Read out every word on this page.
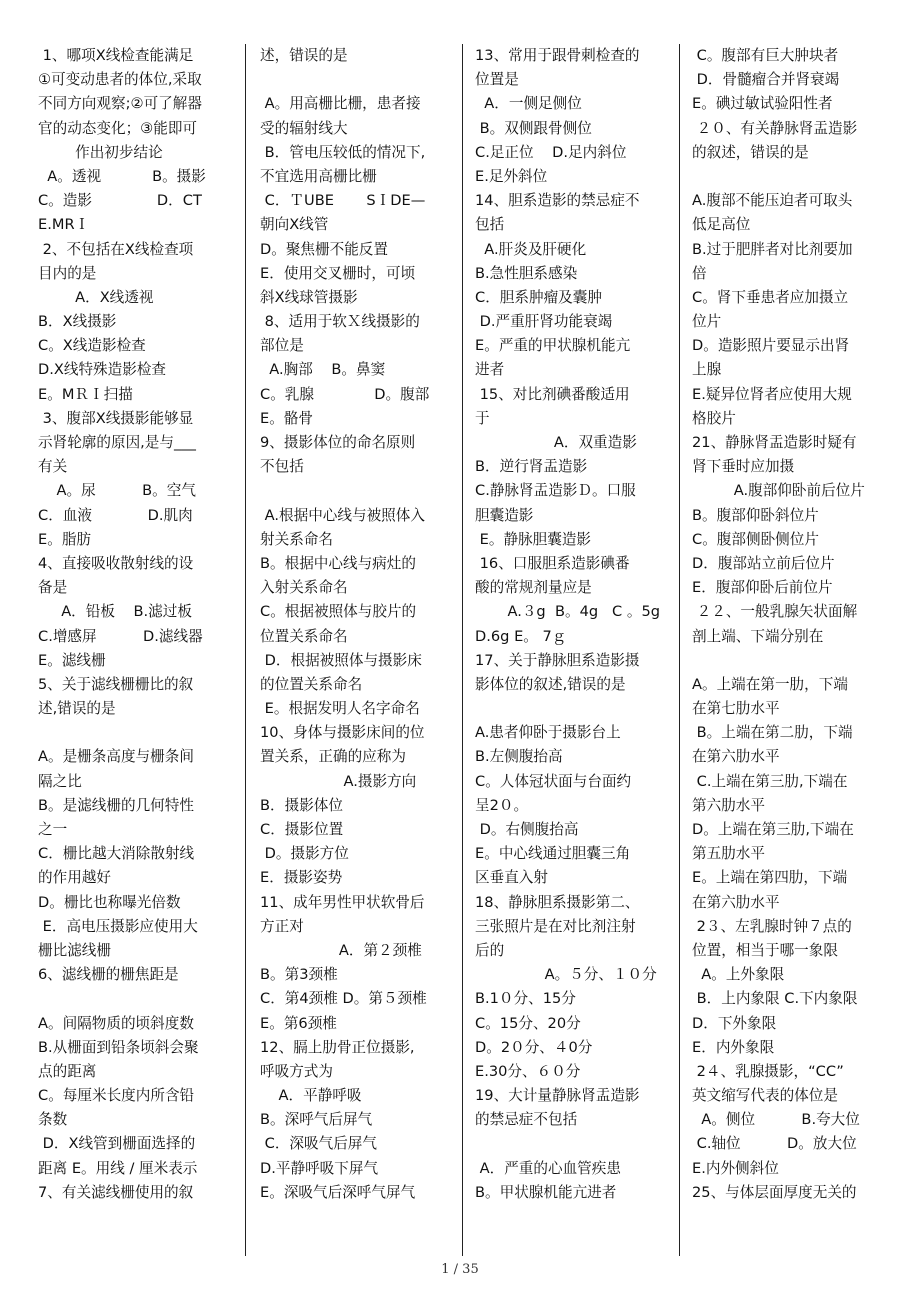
1、哪项X线检查能满足
①可变动患者的体位,采取
不同方向观察;②可了解器
官的动态变化；③能即可
作出初步结论
A。透视           B。摄影
C。造影              D．CT
E.MRＩ
2、不包括在X线检查项
目内的是
A．X线透视
B．X线摄影
C。X线造影检查
D.X线特殊造影检查
E。MＲＩ扫描
3、腹部X线摄影能够显
示肾轮廓的原因,是与___
有关
A。尿          B。空气
C．血液            D.肌肉
E。脂肪
4、直接吸收散射线的设
备是
A．铅板    B.滤过板
C.增感屏          D.滤线器
E。滤线栅
5、关于滤线栅栅比的叙
述,错误的是
A。是栅条高度与栅条间
隔之比
B。是滤线栅的几何特性
之一
C．栅比越大消除散射线
的作用越好
D。栅比也称曝光倍数
E．高电压摄影应使用大
栅比滤线栅
6、滤线栅的栅焦距是
A。间隔物质的顷斜度数
B.从栅面到铅条顷斜会聚
点的距离
C。每厘米长度内所含铅
条数
D．X线管到栅面选择的
距离 E。用线 / 厘米表示
7、有关滤线栅使用的叙
述，错误的是
A。用高栅比栅，患者接
受的辐射线大
B．管电压较低的情况下,
不宜选用高栅比栅
C．ＴUBE       SＩDE—
朝向X线管
D。聚焦栅不能反置
E．使用交叉栅时，可顷
斜X线球管摄影
8、适用于软Ｘ线摄影的
部位是
A.胸部    B。鼻窦
C。乳腺             D。腹部
E。骼骨
9、摄影体位的命名原则
不包括
A.根据中心线与被照体入
射关系命名
B。根据中心线与病灶的
入射关系命名
C。根据被照体与胶片的
位置关系命名
D．根据被照体与摄影床
的位置关系命名
E。根据发明人名字命名
10、身体与摄影床间的位
置关系，正确的应称为
A.摄影方向
B．摄影体位
C．摄影位置
D。摄影方位
E．摄影姿势
11、成年男性甲状软骨后
方正对
A．第２颈椎
B。第3颈椎
C．第4颈椎 D。第５颈椎
E。第6颈椎
12、膈上肋骨正位摄影,
呼吸方式为
A．平静呼吸
B。深呼气后屏气
C．深吸气后屏气
D.平静呼吸下屏气
E。深吸气后深呼气屏气
13、常用于跟骨刺检查的
位置是
A．一侧足侧位
B。双侧跟骨侧位
C.足正位    D.足内斜位
E.足外斜位
14、胆系造影的禁忌症不
包括
A.肝炎及肝硬化
B.急性胆系感染
C．胆系肿瘤及囊肿
D.严重肝肾功能衰竭
E。严重的甲状腺机能亢
进者
15、对比剂碘番酸适用
于
A．双重造影
B．逆行肾盂造影
C.静脉肾盂造影Ｄ。口服
胆囊造影
E。静脉胆囊造影
16、口服胆系造影碘番
酸的常规剂量应是
A.３g  B。4g   C 。5g
D.6g E。 7ｇ
17、关于静脉胆系造影摄
影体位的叙述,错误的是
A.患者仰卧于摄影台上
B.左侧腹抬高
C。人体冠状面与台面约
呈2０。
D。右侧腹抬高
E。中心线通过胆囊三角
区垂直入射
18、静脉胆系摄影第二、
三张照片是在对比剂注射
后的
A。５分、１０分
B.1０分、15分
C。15分、20分
D。2０分、４0分
E.30分、６０分
19、大计量静脉肾盂造影
的禁忌症不包括
A．严重的心血管疾患
B。甲状腺机能亢进者
C。腹部有巨大肿块者
D．骨髓瘤合并肾衰竭
E。碘过敏试验阳性者
２０、有关静脉肾盂造影
的叙述，错误的是
A.腹部不能压迫者可取头
低足高位
B.过于肥胖者对比剂要加
倍
C。肾下垂患者应加摄立
位片
D。造影照片要显示出肾
上腺
E.疑异位肾者应使用大规
格胶片
21、静脉肾盂造影时疑有
肾下垂时应加摄
A.腹部仰卧前后位片
B。腹部仰卧斜位片
C。腹部侧卧侧位片
D．腹部站立前后位片
E．腹部仰卧后前位片
２２、一般乳腺矢状面解
剖上端、下端分别在
A。上端在第一肋，下端
在第七肋水平
B。上端在第二肋，下端
在第六肋水平
C.上端在第三肋,下端在
第六肋水平
D。上端在第三肋,下端在
第五肋水平
E。上端在第四肋，下端
在第六肋水平
2３、左乳腺时钟７点的
位置，相当于哪一象限
A。上外象限
B．上内象限 C.下内象限
D．下外象限
E．内外象限
2４、乳腺摄影，“CC”
英文缩写代表的体位是
A。侧位          B.夸大位
C.轴位          D。放大位
E.内外侧斜位
25、与体层面厚度无关的
1 / 35
